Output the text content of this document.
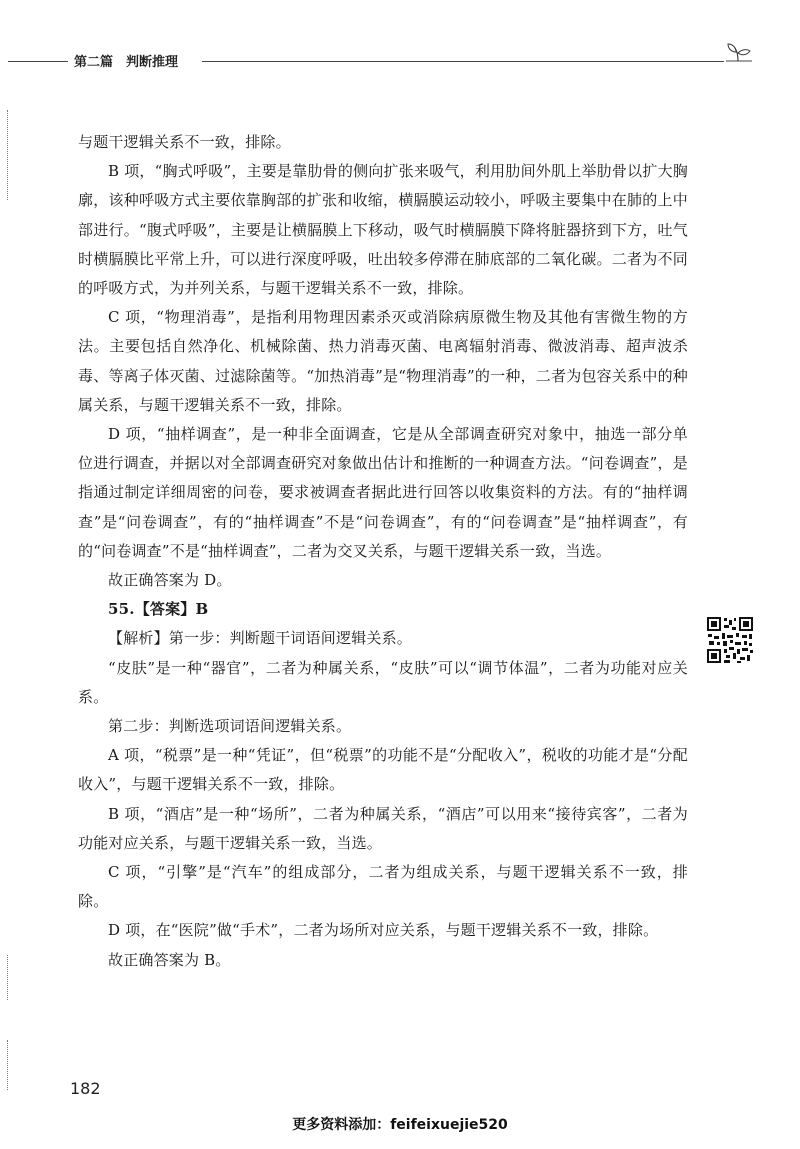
第二篇　判断推理

与题干逻辑关系不一致，排除。

B 项，“胸式呼吸”，主要是靠肋骨的侧向扩张来吸气，利用肋间外肌上举肋骨以扩大胸廓，该种呼吸方式主要依靠胸部的扩张和收缩，横膈膜运动较小，呼吸主要集中在肺的上中部进行。“腹式呼吸”，主要是让横膈膜上下移动，吸气时横膈膜下降将脏器挤到下方，吐气时横膈膜比平常上升，可以进行深度呼吸，吐出较多停滞在肺底部的二氧化碳。二者为不同的呼吸方式，为并列关系，与题干逻辑关系不一致，排除。

C 项，“物理消毒”，是指利用物理因素杀灭或消除病原微生物及其他有害微生物的方法。主要包括自然净化、机械除菌、热力消毒灭菌、电离辐射消毒、微波消毒、超声波杀毒、等离子体灭菌、过滤除菌等。“加热消毒”是“物理消毒”的一种，二者为包容关系中的种属关系，与题干逻辑关系不一致，排除。

D 项，“抽样调查”，是一种非全面调查，它是从全部调查研究对象中，抽选一部分单位进行调查，并据以对全部调查研究对象做出估计和推断的一种调查方法。“问卷调查”，是指通过制定详细周密的问卷，要求被调查者据此进行回答以收集资料的方法。有的“抽样调查”是“问卷调查”，有的“抽样调查”不是“问卷调查”，有的“问卷调查”是“抽样调查”，有的“问卷调查”不是“抽样调查”，二者为交叉关系，与题干逻辑关系一致，当选。

故正确答案为 D。

55.【答案】B

【解析】第一步：判断题干词语间逻辑关系。

“皮肤”是一种“器官”，二者为种属关系，“皮肤”可以“调节体温”，二者为功能对应关系。

第二步：判断选项词语间逻辑关系。

A 项，“税票”是一种“凭证”，但“税票”的功能不是“分配收入”，税收的功能才是“分配收入”，与题干逻辑关系不一致，排除。

B 项，“酒店”是一种“场所”，二者为种属关系，“酒店”可以用来“接待宾客”，二者为功能对应关系，与题干逻辑关系一致，当选。

C 项，“引擎”是“汽车”的组成部分，二者为组成关系，与题干逻辑关系不一致，排除。

D 项，在“医院”做“手术”，二者为场所对应关系，与题干逻辑关系不一致，排除。

故正确答案为 B。

182
更多资料添加：feifeixuejie520
